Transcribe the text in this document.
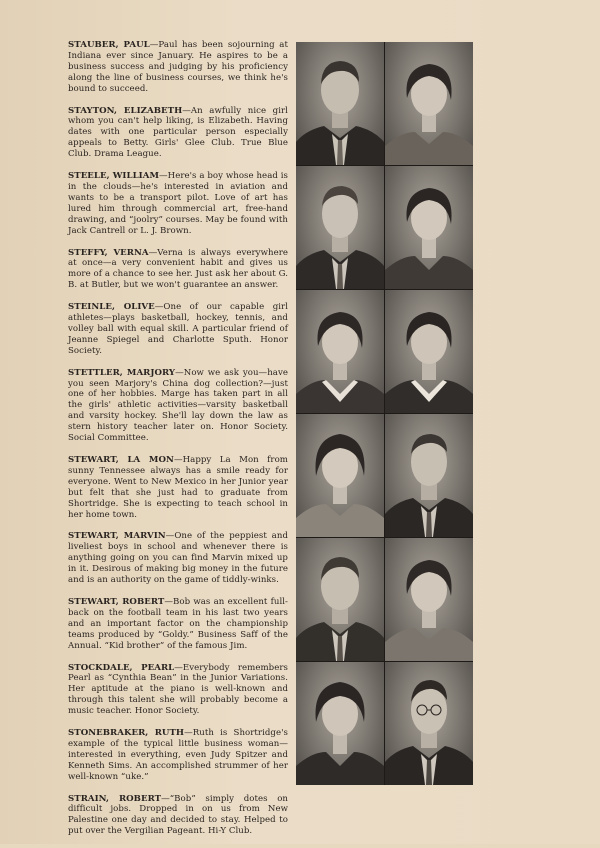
STAUBER, PAUL—Paul has been sojourning at Indiana ever since January. He aspires to be a business success and judging by his proficiency along the line of business courses, we think he's bound to succeed.

STAYTON, ELIZABETH—An awfully nice girl whom you can't help liking, is Elizabeth. Having dates with one particular person especially appeals to Betty. Girls' Glee Club. True Blue Club. Drama League.

STEELE, WILLIAM—Here's a boy whose head is in the clouds—he's interested in aviation and wants to be a transport pilot. Love of art has lured him through commercial art, free-hand drawing, and “joolry” courses. May be found with Jack Cantrell or L. J. Brown.

STEFFY, VERNA—Verna is always everywhere at once—a very convenient habit and gives us more of a chance to see her. Just ask her about G. B. at Butler, but we won't guarantee an answer.

STEINLE, OLIVE—One of our capable girl athletes—plays basketball, hockey, tennis, and volley ball with equal skill. A particular friend of Jeanne Spiegel and Charlotte Sputh. Honor Society.

STETTLER, MARJORY—Now we ask you—have you seen Marjory's China dog collection?—just one of her hobbies. Marge has taken part in all the girls' athletic activities—varsity basketball and varsity hockey. She'll lay down the law as stern history teacher later on. Honor Society. Social Committee.

STEWART, LA MON—Happy La Mon from sunny Tennessee always has a smile ready for everyone. Went to New Mexico in her Junior year but felt that she just had to graduate from Shortridge. She is expecting to teach school in her home town.

STEWART, MARVIN—One of the peppiest and liveliest boys in school and whenever there is anything going on you can find Marvin mixed up in it. Desirous of making big money in the future and is an authority on the game of tiddly-winks.

STEWART, ROBERT—Bob was an excellent full-back on the football team in his last two years and an important factor on the championship teams produced by “Goldy.” Business Saff of the Annual. “Kid brother” of the famous Jim.

STOCKDALE, PEARL—Everybody remembers Pearl as “Cynthia Bean” in the Junior Variations. Her aptitude at the piano is well-known and through this talent she will probably become a music teacher. Honor Society.

STONEBRAKER, RUTH—Ruth is Shortridge's example of the typical little business woman—interested in everything, even Judy Spitzer and Kenneth Sims. An accomplished strummer of her well-known “uke.”

STRAIN, ROBERT—“Bob” simply dotes on difficult jobs. Dropped in on us from New Palestine one day and decided to stay. Helped to put over the Vergilian Pageant. Hi-Y Club.
